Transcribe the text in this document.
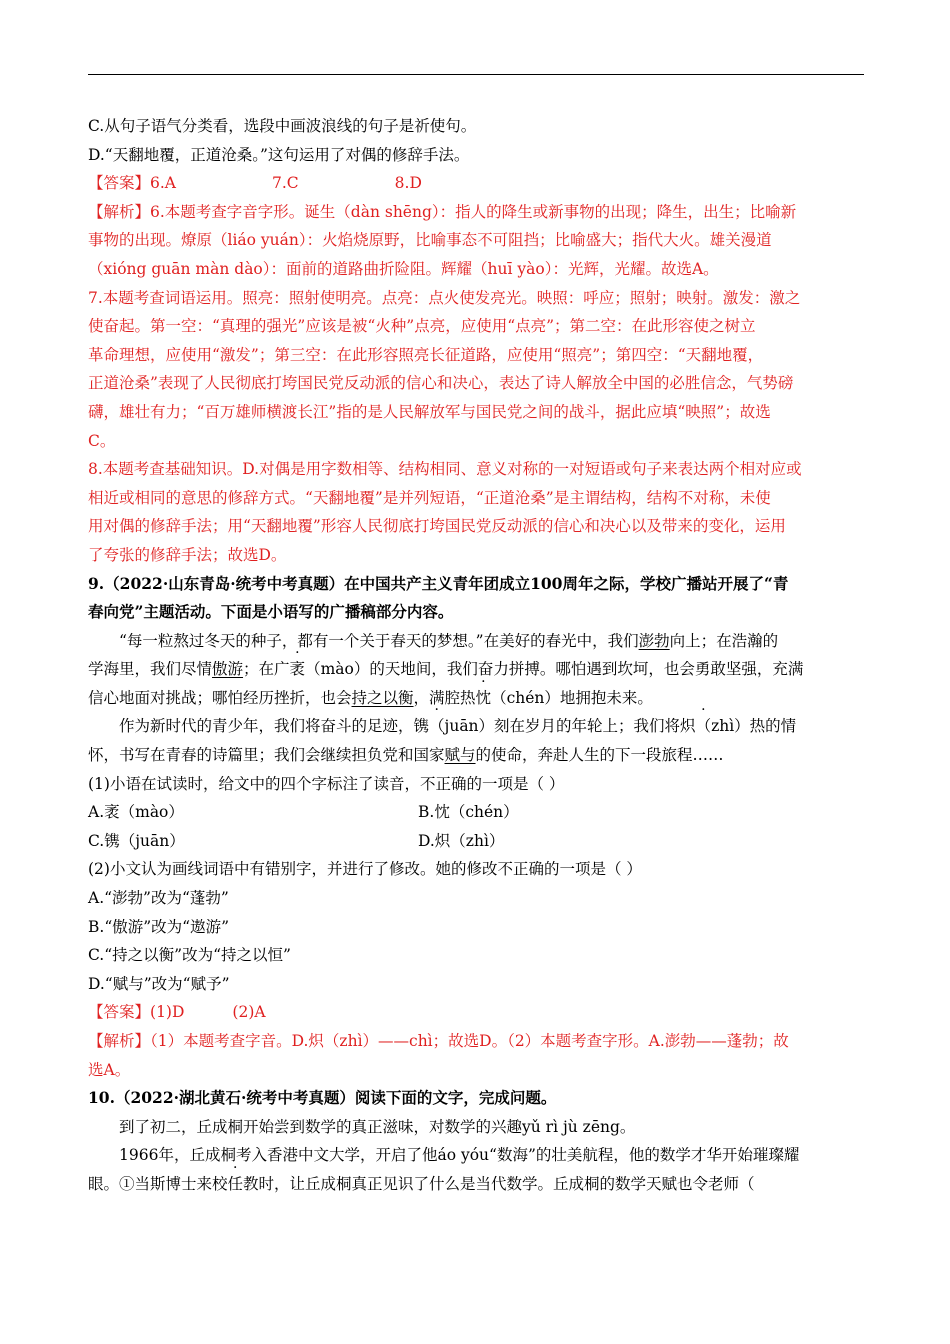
C.从句子语气分类看，选段中画波浪线的句子是祈使句。
D.“天翻地覆，正道沧桑。”这句运用了对偶的修辞手法。
【答案】6.A	7.C	8.D
【解析】6.本题考查字音字形。诞生（dàn shēng）：指人的降生或新事物的出现；降生，出生；比喻新
事物的出现。燎原（liáo yuán）：火焰烧原野，比喻事态不可阻挡；比喻盛大；指代大火。雄关漫道
（xióng guān màn dào）：面前的道路曲折险阻。辉耀（huī yào）：光辉，光耀。故选A。
7.本题考查词语运用。照亮：照射使明亮。点亮：点火使发亮光。映照：呼应；照射；映射。激发：激之
使奋起。第一空：“真理的强光”应该是被“火种”点亮，应使用“点亮”；第二空：在此形容使之树立
革命理想，应使用“激发”；第三空：在此形容照亮长征道路，应使用“照亮”；第四空：“天翻地覆，
正道沧桑”表现了人民彻底打垮国民党反动派的信心和决心，表达了诗人解放全中国的必胜信念，气势磅
礴，雄壮有力；“百万雄师横渡长江”指的是人民解放军与国民党之间的战斗，据此应填“映照”；故选
C。
8.本题考查基础知识。D.对偶是用字数相等、结构相同、意义对称的一对短语或句子来表达两个相对应或
相近或相同的意思的修辞方式。“天翻地覆”是并列短语，“正道沧桑”是主谓结构，结构不对称，未使
用对偶的修辞手法；用“天翻地覆”形容人民彻底打垮国民党反动派的信心和决心以及带来的变化，运用
了夸张的修辞手法；故选D。
9.（2022·山东青岛·统考中考真题）在中国共产主义青年团成立100周年之际，学校广播站开展了“青
春向党”主题活动。下面是小语写的广播稿部分内容。
“每一粒熬过冬天的种子，都有一个关于春天的梦想。”在美好的春光中，我们澎勃向上；在浩瀚的
学海里，我们尽情傲游；在广袤（mào）的天地间，我们奋力拼搏。哪怕遇到坎坷，也会勇敢坚强，充满
信心地面对挑战；哪怕经历挫折，也会持之以衡，满腔热忱（chén）地拥抱未来。
作为新时代的青少年，我们将奋斗的足迹，镌（juān）刻在岁月的年轮上；我们将炽（zhì）热的情
怀，书写在青春的诗篇里；我们会继续担负党和国家赋与的使命，奔赴人生的下一段旅程……
(1)小语在试读时，给文中的四个字标注了读音，不正确的一项是（ ）
A.袤（mào）	B.忱（chén）
C.镌（juān）	D.炽（zhì）
(2)小文认为画线词语中有错别字，并进行了修改。她的修改不正确的一项是（ ）
A.“澎勃”改为“蓬勃”
B.“傲游”改为“遨游”
C.“持之以衡”改为“持之以恒”
D.“赋与”改为“赋予”
【答案】(1)D	(2)A
【解析】（1）本题考查字音。D.炽（zhì）——chì；故选D。（2）本题考查字形。A.澎勃——蓬勃；故
选A。
10.（2022·湖北黄石·统考中考真题）阅读下面的文字，完成问题。
到了初二，丘成桐开始尝到数学的真正滋味，对数学的兴趣yǔ rì jù zēng。
1966年，丘成桐考入香港中文大学，开启了他áo yóu“数海”的壮美航程，他的数学才华开始璀璨耀
眼。①当斯博士来校任教时，让丘成桐真正见识了什么是当代数学。丘成桐的数学天赋也令老师（
